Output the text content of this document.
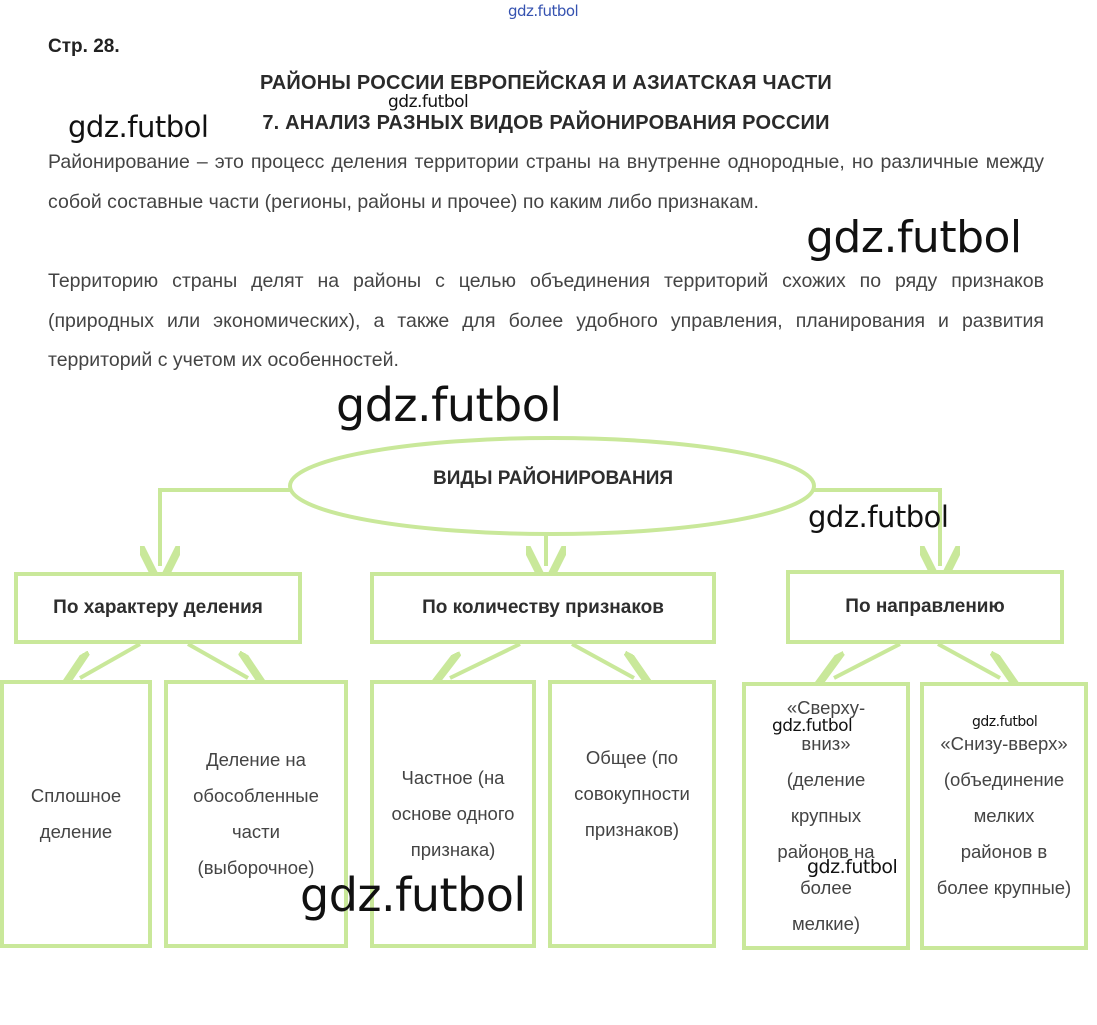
Стр. 28.
РАЙОНЫ РОССИИ ЕВРОПЕЙСКАЯ И АЗИАТСКАЯ ЧАСТИ
7. АНАЛИЗ РАЗНЫХ ВИДОВ РАЙОНИРОВАНИЯ РОССИИ
Районирование – это процесс деления территории страны на внутренне однородные, но различные между собой составные части (регионы, районы и прочее) по каким либо признакам.
Территорию страны делят на районы с целью объединения территорий схожих по ряду признаков (природных или экономических), а также для более удобного управления, планирования и развития территорий с учетом их особенностей.
ВИДЫ РАЙОНИРОВАНИЯ
По характеру деления	По количеству признаков	По направлению
Сплошное деление
Деление на обособленные части (выборочное)
Частное (на основе одного признака)
Общее (по совокупности признаков)
«Сверху-вниз» (деление крупных районов на более мелкие)
«Снизу-вверх» (объединение мелких районов в более крупные)
gdz.futbol
gdz.futbol
gdz.futbol
gdz.futbol
gdz.futbol
gdz.futbol
gdz.futbol	gdz.futbol
gdz.futbol
gdz.futbol
